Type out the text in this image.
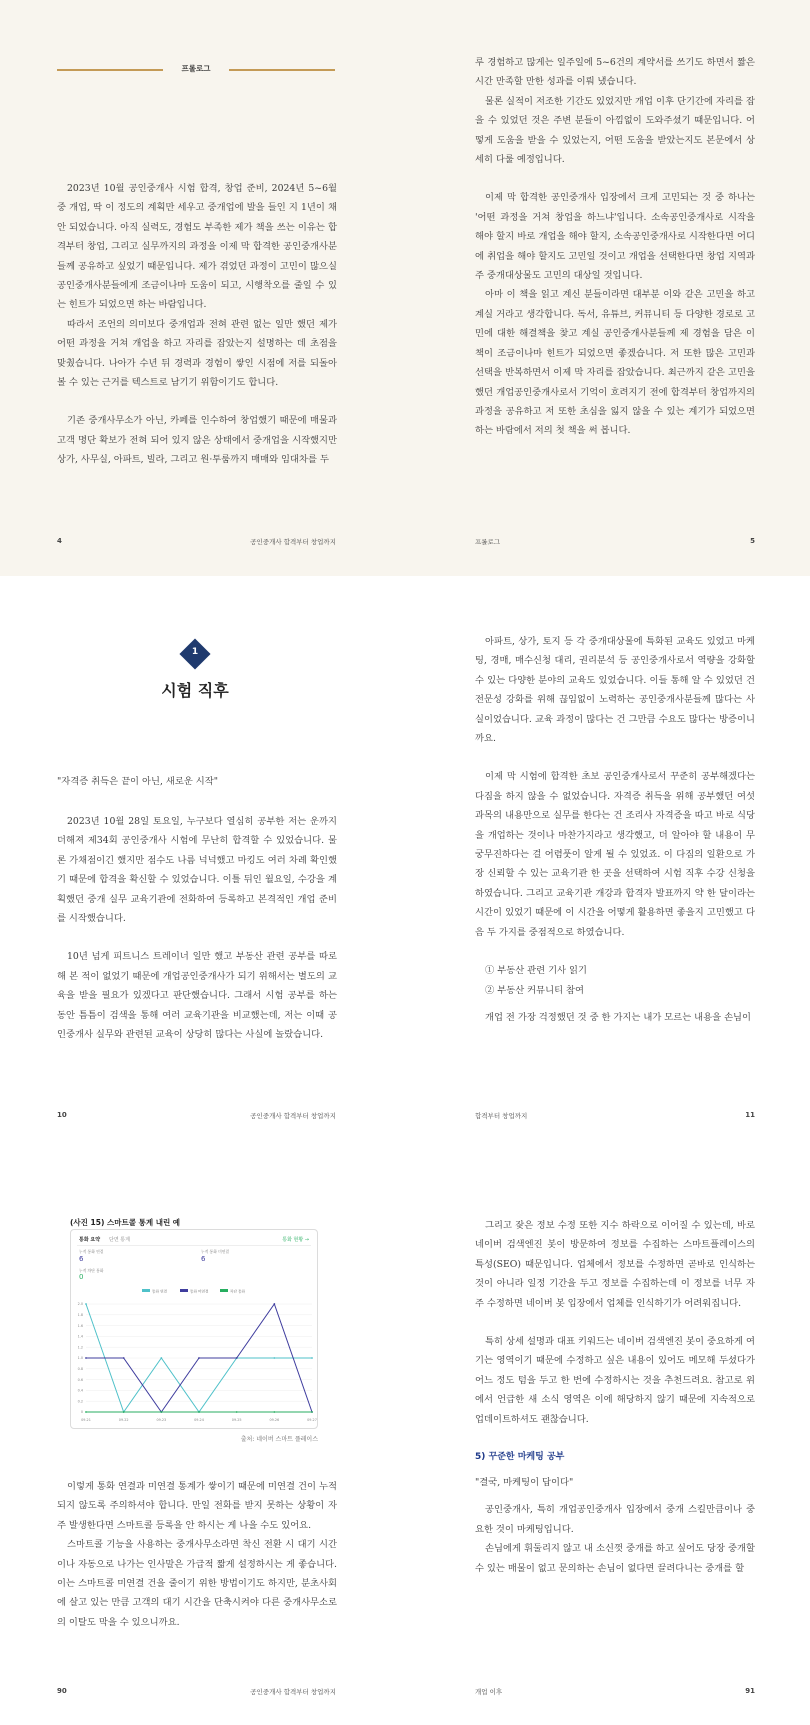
프롤로그

2023년 10월 공인중개사 시험 합격, 창업 준비, 2024년 5~6월 중 개업, 딱 이 정도의 계획만 세우고 중개업에 발을 들인 지 1년이 채 안 되었습니다. 아직 실력도, 경험도 부족한 제가 책을 쓰는 이유는 합격부터 창업, 그리고 실무까지의 과정을 이제 막 합격한 공인중개사분들께 공유하고 싶었기 때문입니다. 제가 겪었던 과정이 고민이 많으실 공인중개사분들에게 조금이나마 도움이 되고, 시행착오를 줄일 수 있는 힌트가 되었으면 하는 바람입니다.

따라서 조언의 의미보다 중개업과 전혀 관련 없는 일만 했던 제가 어떤 과정을 거쳐 개업을 하고 자리를 잡았는지 설명하는 데 초점을 맞췄습니다. 나아가 수년 뒤 경력과 경험이 쌓인 시점에 저를 되돌아볼 수 있는 근거를 텍스트로 남기기 위함이기도 합니다.

기존 중개사무소가 아닌, 카페를 인수하여 창업했기 때문에 매물과 고객 명단 확보가 전혀 되어 있지 않은 상태에서 중개업을 시작했지만 상가, 사무실, 아파트, 빌라, 그리고 원·투룸까지 매매와 임대차를 두

4	공인중개사 합격부터 창업까지

루 경험하고 많게는 일주일에 5~6건의 계약서를 쓰기도 하면서 짧은 시간 만족할 만한 성과를 이뤄 냈습니다.

물론 실적이 저조한 기간도 있었지만 개업 이후 단기간에 자리를 잡을 수 있었던 것은 주변 분들이 아낌없이 도와주셨기 때문입니다. 어떻게 도움을 받을 수 있었는지, 어떤 도움을 받았는지도 본문에서 상세히 다룰 예정입니다.

이제 막 합격한 공인중개사 입장에서 크게 고민되는 것 중 하나는 '어떤 과정을 거쳐 창업을 하느냐'입니다. 소속공인중개사로 시작을 해야 할지 바로 개업을 해야 할지, 소속공인중개사로 시작한다면 어디에 취업을 해야 할지도 고민일 것이고 개업을 선택한다면 창업 지역과 주 중개대상물도 고민의 대상일 것입니다.

아마 이 책을 읽고 계신 분들이라면 대부분 이와 같은 고민을 하고 계실 거라고 생각합니다. 독서, 유튜브, 커뮤니티 등 다양한 경로로 고민에 대한 해결책을 찾고 계실 공인중개사분들께 제 경험을 담은 이 책이 조금이나마 힌트가 되었으면 좋겠습니다. 저 또한 많은 고민과 선택을 반복하면서 이제 막 자리를 잡았습니다. 최근까지 같은 고민을 했던 개업공인중개사로서 기억이 흐려지기 전에 합격부터 창업까지의 과정을 공유하고 저 또한 초심을 잃지 않을 수 있는 계기가 되었으면 하는 바람에서 저의 첫 책을 써 봅니다.

프롤로그	5
1
시험 직후
"자격증 취득은 끝이 아닌, 새로운 시작"

2023년 10월 28일 토요일, 누구보다 열심히 공부한 저는 운까지 더해져 제34회 공인중개사 시험에 무난히 합격할 수 있었습니다. 물론 가채점이긴 했지만 점수도 나름 넉넉했고 마킹도 여러 차례 확인했기 때문에 합격을 확신할 수 있었습니다. 이틀 뒤인 월요일, 수강을 계획했던 중개 실무 교육기관에 전화하여 등록하고 본격적인 개업 준비를 시작했습니다.

10년 넘게 피트니스 트레이너 일만 했고 부동산 관련 공부를 따로 해 본 적이 없었기 때문에 개업공인중개사가 되기 위해서는 별도의 교육을 받을 필요가 있겠다고 판단했습니다. 그래서 시험 공부를 하는 동안 틈틈이 검색을 통해 여러 교육기관을 비교했는데, 저는 이때 공인중개사 실무와 관련된 교육이 상당히 많다는 사실에 놀랐습니다.

10	공인중개사 합격부터 창업까지

아파트, 상가, 토지 등 각 중개대상물에 특화된 교육도 있었고 마케팅, 경매, 매수신청 대리, 권리분석 등 공인중개사로서 역량을 강화할 수 있는 다양한 분야의 교육도 있었습니다. 이들 통해 알 수 있었던 건 전문성 강화를 위해 끊임없이 노력하는 공인중개사분들께 많다는 사실이었습니다. 교육 과정이 많다는 건 그만큼 수요도 많다는 방증이니까요.

이제 막 시험에 합격한 초보 공인중개사로서 꾸준히 공부해겠다는 다짐을 하지 않을 수 없었습니다. 자격증 취득을 위해 공부했던 여섯 과목의 내용만으로 실무를 한다는 건 조리사 자격증을 따고 바로 식당을 개업하는 것이나 마찬가지라고 생각했고, 더 알아야 할 내용이 무궁무진하다는 걸 어렴풋이 알게 될 수 있었죠. 이 다짐의 일환으로 가장 신뢰할 수 있는 교육기관 한 곳을 선택하여 시험 직후 수강 신청을 하였습니다. 그리고 교육기관 개강과 합격자 발표까지 약 한 달이라는 시간이 있었기 때문에 이 시간을 어떻게 활용하면 좋을지 고민했고 다음 두 가지를 중점적으로 하였습니다.

① 부동산 관련 기사 읽기

② 부동산 커뮤니티 참여

개업 전 가장 걱정했던 것 중 한 가지는 내가 모르는 내용을 손님이

합격부터 창업까지	11
(사진 15) 스마트콜 통계 내린 예
통화 요약 단면 통계	통화 현황 →
누적 통화 연결
6
누적 통화 미연결
6
누적 차단 통화
0
통화 연결	통화 미연결	차단 통화
0
0.2
0.4
0.6
0.8
1.0
1.2
1.4
1.6
1.8
2.0
09.21	09.22	09.23	09.24	09.25	09.26	09.27
출처: 네이버 스마트 플레이스

이렇게 통화 연결과 미연결 통계가 쌓이기 때문에 미연결 건이 누적되지 않도록 주의하셔야 합니다. 만일 전화를 받지 못하는 상황이 자주 발생한다면 스마트콜 등록을 안 하시는 게 나을 수도 있어요.

스마트콜 기능을 사용하는 중개사무소라면 착신 전환 시 대기 시간이나 자동으로 나가는 인사말은 가급적 짧게 설정하시는 게 좋습니다. 이는 스마트콜 미연결 건을 줄이기 위한 방법이기도 하지만, 분초사회에 살고 있는 만큼 고객의 대기 시간을 단축시켜야 다른 중개사무소로의 이탈도 막을 수 있으니까요.

90	공인중개사 합격부터 창업까지

그리고 잦은 정보 수정 또한 지수 하락으로 이어질 수 있는데, 바로 네이버 검색엔진 봇이 방문하여 정보를 수집하는 스마트플레이스의 특성(SEO) 때문입니다. 업체에서 정보를 수정하면 곧바로 인식하는 것이 아니라 일정 기간을 두고 정보를 수집하는데 이 정보를 너무 자주 수정하면 네이버 봇 입장에서 업체를 인식하기가 어려워집니다.

특히 상세 설명과 대표 키워드는 네이버 검색엔진 봇이 중요하게 여기는 영역이기 때문에 수정하고 싶은 내용이 있어도 메모해 두셨다가 어느 정도 텀을 두고 한 번에 수정하시는 것을 추천드려요. 참고로 위에서 언급한 새 소식 영역은 이에 해당하지 않기 때문에 지속적으로 업데이트하셔도 괜찮습니다.

5) 꾸준한 마케팅 공부

"결국, 마케팅이 답이다"

공인중개사, 특히 개업공인중개사 입장에서 중개 스킬만큼이나 중요한 것이 마케팅입니다.

손님에게 휘둘리지 않고 내 소신껏 중개를 하고 싶어도 당장 중개할 수 있는 매물이 없고 문의하는 손님이 없다면 끌려다니는 중개를 할

개업 이후	91
